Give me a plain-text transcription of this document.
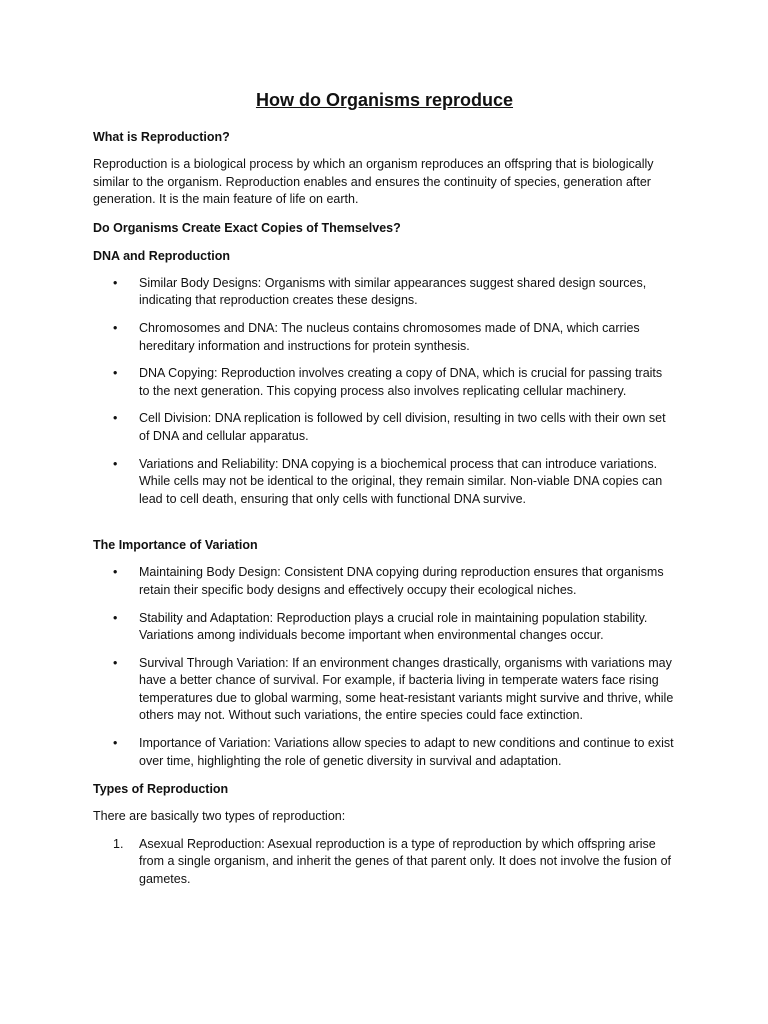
How do Organisms reproduce
What is Reproduction?

Reproduction is a biological process by which an organism reproduces an offspring that is biologically similar to the organism. Reproduction enables and ensures the continuity of species, generation after generation. It is the main feature of life on earth.

Do Organisms Create Exact Copies of Themselves?
DNA and Reproduction
•	Similar Body Designs: Organisms with similar appearances suggest shared design sources, indicating that reproduction creates these designs.
•	Chromosomes and DNA: The nucleus contains chromosomes made of DNA, which carries hereditary information and instructions for protein synthesis.
•	DNA Copying: Reproduction involves creating a copy of DNA, which is crucial for passing traits to the next generation. This copying process also involves replicating cellular machinery.
•	Cell Division: DNA replication is followed by cell division, resulting in two cells with their own set of DNA and cellular apparatus.
•	Variations and Reliability: DNA copying is a biochemical process that can introduce variations. While cells may not be identical to the original, they remain similar. Non-viable DNA copies can lead to cell death, ensuring that only cells with functional DNA survive.
The Importance of Variation
•	Maintaining Body Design: Consistent DNA copying during reproduction ensures that organisms retain their specific body designs and effectively occupy their ecological niches.
•	Stability and Adaptation: Reproduction plays a crucial role in maintaining population stability. Variations among individuals become important when environmental changes occur.
•	Survival Through Variation: If an environment changes drastically, organisms with variations may have a better chance of survival. For example, if bacteria living in temperate waters face rising temperatures due to global warming, some heat-resistant variants might survive and thrive, while others may not. Without such variations, the entire species could face extinction.
•	Importance of Variation: Variations allow species to adapt to new conditions and continue to exist over time, highlighting the role of genetic diversity in survival and adaptation.
Types of Reproduction

There are basically two types of reproduction:

1.	Asexual Reproduction: Asexual reproduction is a type of reproduction by which offspring arise from a single organism, and inherit the genes of that parent only. It does not involve the fusion of gametes.
